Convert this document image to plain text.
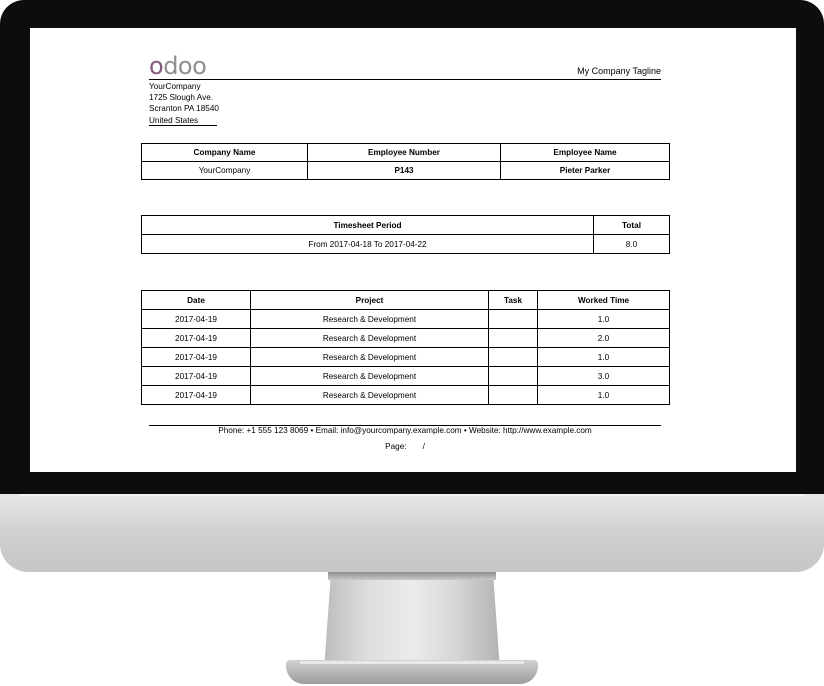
o doo	My Company Tagline
YourCompany
1725 Slough Ave.
Scranton PA 18540
United States
Company Name	Employee Number	Employee Name
YourCompany	P143	Pieter Parker
Timesheet Period	Total
From 2017-04-18 To 2017-04-22	8.0
Date	Project	Task	Worked Time
2017-04-19	Research & Development		1.0
2017-04-19	Research & Development		2.0
2017-04-19	Research & Development		1.0
2017-04-19	Research & Development		3.0
2017-04-19	Research & Development		1.0
Phone: +1 555 123 8069 • Email: info@yourcompany.example.com • Website: http://www.example.com
Page: /
